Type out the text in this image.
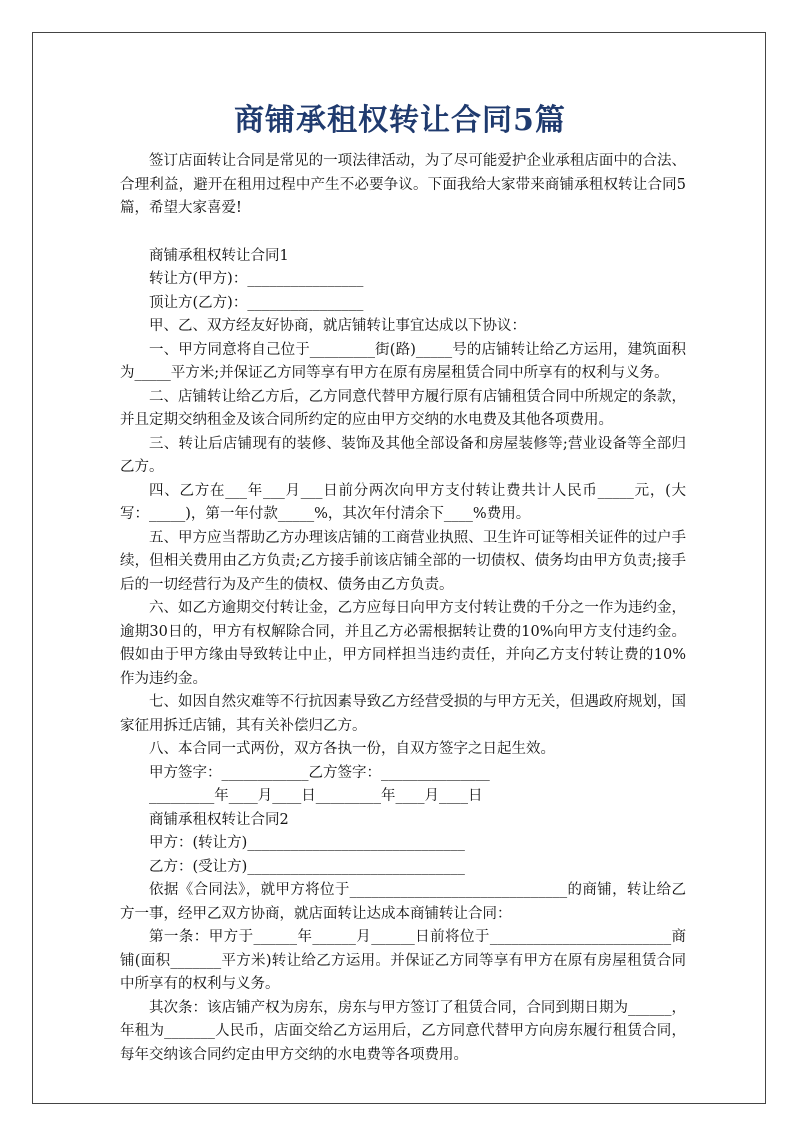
商铺承租权转让合同5篇

签订店面转让合同是常见的一项法律活动，为了尽可能爱护企业承租店面中的合法、合理利益，避开在租用过程中产生不必要争议。下面我给大家带来商铺承租权转让合同5篇，希望大家喜爱!

商铺承租权转让合同1

转让方(甲方)：________________

顶让方(乙方)：________________

甲、乙、双方经友好协商，就店铺转让事宜达成以下协议：

一、甲方同意将自己位于_________街(路)_____号的店铺转让给乙方运用，建筑面积为_____平方米;并保证乙方同等享有甲方在原有房屋租赁合同中所享有的权利与义务。

二、店铺转让给乙方后，乙方同意代替甲方履行原有店铺租赁合同中所规定的条款，并且定期交纳租金及该合同所约定的应由甲方交纳的水电费及其他各项费用。

三、转让后店铺现有的装修、装饰及其他全部设备和房屋装修等;营业设备等全部归乙方。

四、乙方在___年___月___日前分两次向甲方支付转让费共计人民币_____元，(大写：_____)，第一年付款_____%，其次年付清余下____%费用。

五、甲方应当帮助乙方办理该店铺的工商营业执照、卫生许可证等相关证件的过户手续，但相关费用由乙方负责;乙方接手前该店铺全部的一切债权、债务均由甲方负责;接手后的一切经营行为及产生的债权、债务由乙方负责。

六、如乙方逾期交付转让金，乙方应每日向甲方支付转让费的千分之一作为违约金，逾期30日的，甲方有权解除合同，并且乙方必需根据转让费的10%向甲方支付违约金。假如由于甲方缘由导致转让中止，甲方同样担当违约责任，并向乙方支付转让费的10%作为违约金。

七、如因自然灾难等不行抗因素导致乙方经营受损的与甲方无关，但遇政府规划，国家征用拆迁店铺，其有关补偿归乙方。

八、本合同一式两份，双方各执一份，自双方签字之日起生效。

甲方签字：____________乙方签字：_______________

_________年____月____日_________年____月____日

商铺承租权转让合同2

甲方：(转让方)______________________________

乙方：(受让方)______________________________

依据《合同法》，就甲方将位于______________________________的商铺，转让给乙方一事，经甲乙双方协商，就店面转让达成本商铺转让合同：

第一条：甲方于______年______月______日前将位于_________________________商铺(面积_______平方米)转让给乙方运用。并保证乙方同等享有甲方在原有房屋租赁合同中所享有的权利与义务。

其次条：该店铺产权为房东，房东与甲方签订了租赁合同，合同到期日期为______，年租为_______人民币，店面交给乙方运用后，乙方同意代替甲方向房东履行租赁合同，每年交纳该合同约定由甲方交纳的水电费等各项费用。
